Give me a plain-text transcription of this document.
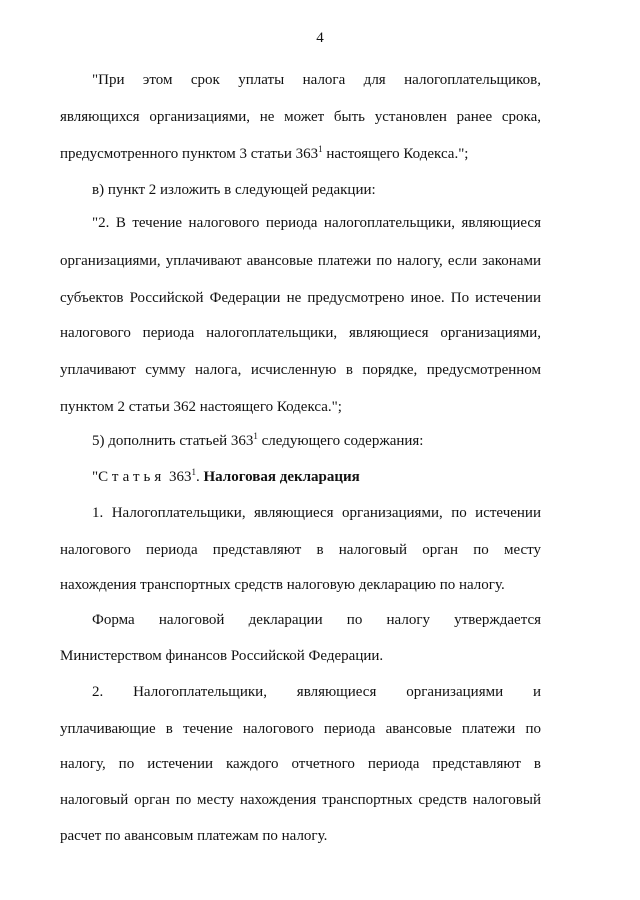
4
"При этом срок уплаты налога для налогоплательщиков,
являющихся организациями, не может быть установлен ранее срока,
предусмотренного пунктом 3 статьи $363^1$ настоящего Кодекса.";
в) пункт 2 изложить в следующей редакции:
"2. В течение налогового периода налогоплательщики, являющиеся
организациями, уплачивают авансовые платежи по налогу, если законами
субъектов Российской Федерации не предусмотрено иное. По истечении
налогового периода налогоплательщики, являющиеся организациями,
уплачивают сумму налога, исчисленную в порядке, предусмотренном
пунктом 2 статьи 362 настоящего Кодекса.";
5) дополнить статьей $363^1$ следующего содержания:
"Статья $363^1$. Налоговая декларация
1. Налогоплательщики, являющиеся организациями, по истечении
налогового периода представляют в налоговый орган по месту
нахождения транспортных средств налоговую декларацию по налогу.
Форма налоговой декларации по налогу утверждается
Министерством финансов Российской Федерации.
2. Налогоплательщики, являющиеся организациями и
уплачивающие в течение налогового периода авансовые платежи по
налогу, по истечении каждого отчетного периода представляют в
налоговый орган по месту нахождения транспортных средств налоговый
расчет по авансовым платежам по налогу.
